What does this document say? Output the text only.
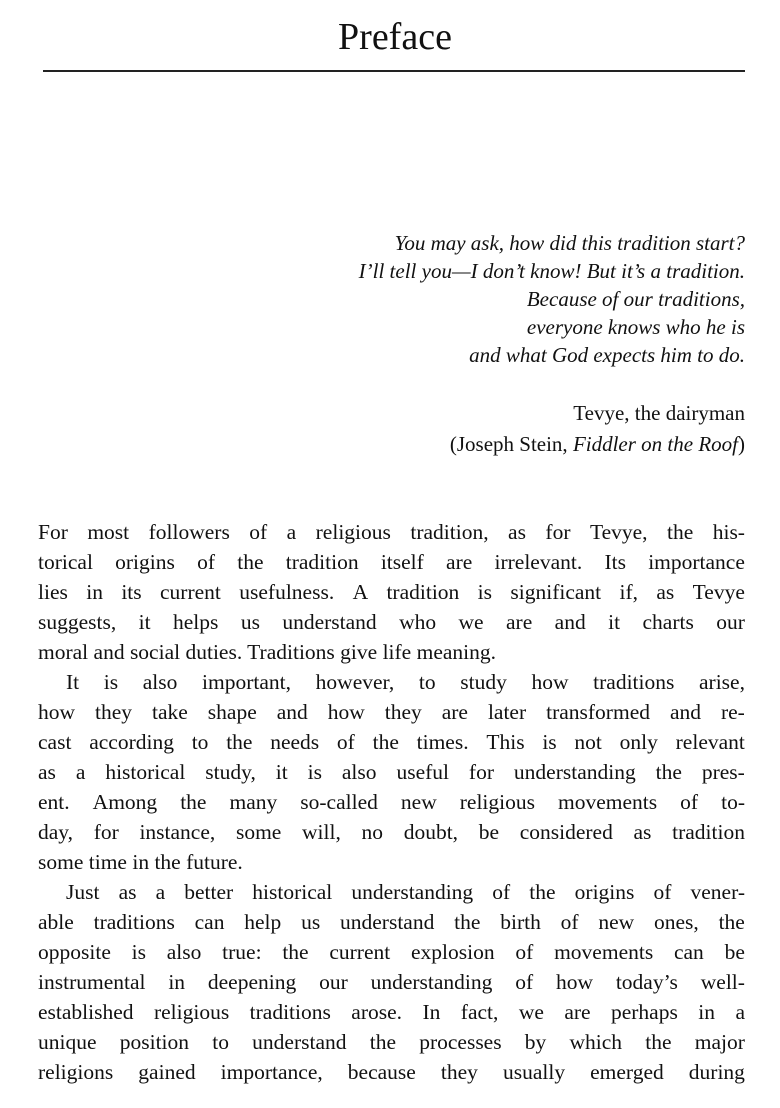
Preface
You may ask, how did this tradition start?
I’ll tell you—I don’t know! But it’s a tradition.
Because of our traditions,
everyone knows who he is
and what God expects him to do.
Tevye, the dairyman
(Joseph Stein, Fiddler on the Roof)
For most followers of a religious tradition, as for Tevye, the his-
torical origins of the tradition itself are irrelevant. Its importance
lies in its current usefulness. A tradition is significant if, as Tevye
suggests, it helps us understand who we are and it charts our
moral and social duties. Traditions give life meaning.
It is also important, however, to study how traditions arise,
how they take shape and how they are later transformed and re-
cast according to the needs of the times. This is not only relevant
as a historical study, it is also useful for understanding the pres-
ent. Among the many so-called new religious movements of to-
day, for instance, some will, no doubt, be considered as tradition
some time in the future.
Just as a better historical understanding of the origins of vener-
able traditions can help us understand the birth of new ones, the
opposite is also true: the current explosion of movements can be
instrumental in deepening our understanding of how today’s well-
established religious traditions arose. In fact, we are perhaps in a
unique position to understand the processes by which the major
religions gained importance, because they usually emerged during
